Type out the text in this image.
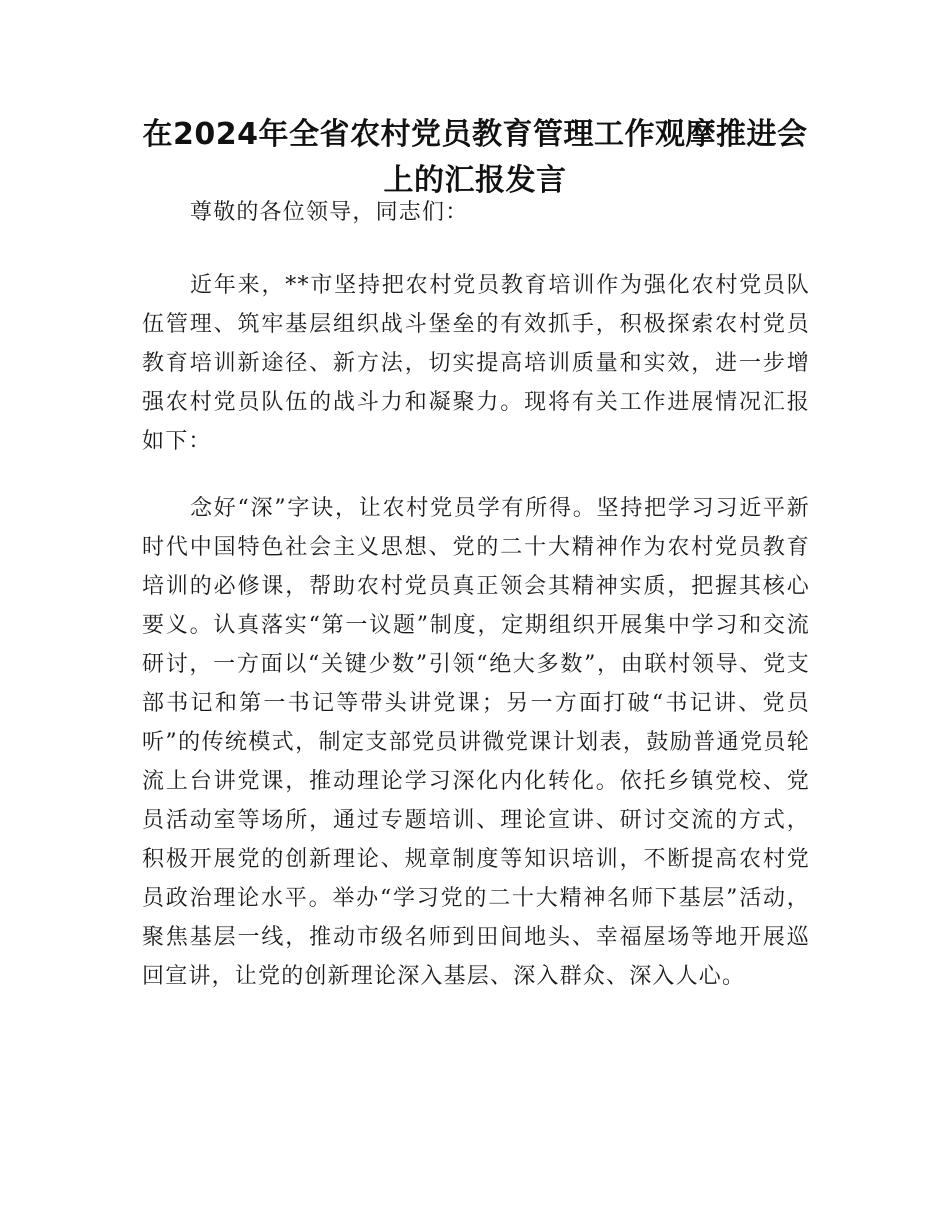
在2024年全省农村党员教育管理工作观摩推进会上的汇报发言

尊敬的各位领导，同志们：

近年来，**市坚持把农村党员教育培训作为强化农村党员队伍管理、筑牢基层组织战斗堡垒的有效抓手，积极探索农村党员教育培训新途径、新方法，切实提高培训质量和实效，进一步增强农村党员队伍的战斗力和凝聚力。现将有关工作进展情况汇报如下：

念好“深”字诀，让农村党员学有所得。坚持把学习习近平新时代中国特色社会主义思想、党的二十大精神作为农村党员教育培训的必修课，帮助农村党员真正领会其精神实质，把握其核心要义。认真落实“第一议题”制度，定期组织开展集中学习和交流研讨，一方面以“关键少数”引领“绝大多数”，由联村领导、党支部书记和第一书记等带头讲党课；另一方面打破“书记讲、党员听”的传统模式，制定支部党员讲微党课计划表，鼓励普通党员轮流上台讲党课，推动理论学习深化内化转化。依托乡镇党校、党员活动室等场所，通过专题培训、理论宣讲、研讨交流的方式，积极开展党的创新理论、规章制度等知识培训，不断提高农村党员政治理论水平。举办“学习党的二十大精神名师下基层”活动，聚焦基层一线，推动市级名师到田间地头、幸福屋场等地开展巡回宣讲，让党的创新理论深入基层、深入群众、深入人心。
